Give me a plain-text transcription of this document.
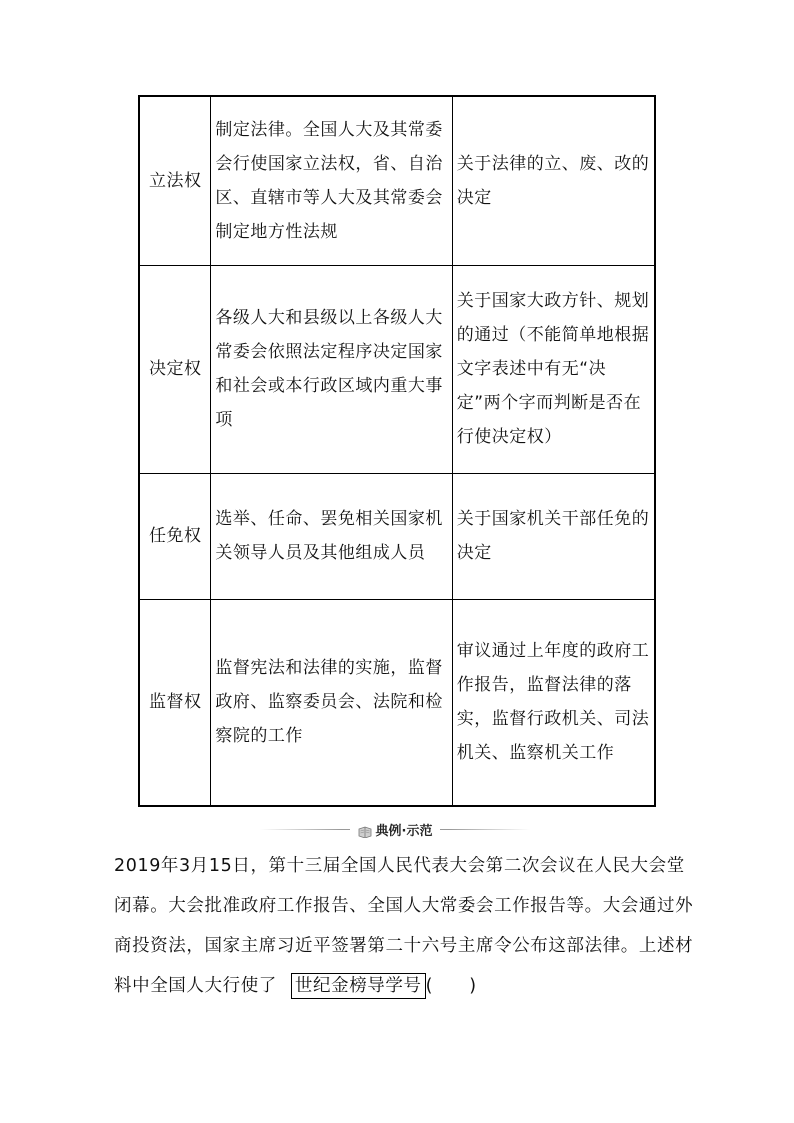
立法权	制定法律。全国人大及其常委会行使国家立法权，省、自治区、直辖市等人大及其常委会制定地方性法规	关于法律的立、废、改的决定
决定权	各级人大和县级以上各级人大常委会依照法定程序决定国家和社会或本行政区域内重大事项	关于国家大政方针、规划的通过（不能简单地根据文字表述中有无“决定”两个字而判断是否在行使决定权）
任免权	选举、任命、罢免相关国家机关领导人员及其他组成人员	关于国家机关干部任免的决定
监督权	监督宪法和法律的实施，监督政府、监察委员会、法院和检察院的工作	审议通过上年度的政府工作报告，监督法律的落实，监督行政机关、司法机关、监察机关工作
典例·示范

2019年3月15日，第十三届全国人民代表大会第二次会议在人民大会堂闭幕。大会批准政府工作报告、全国人大常委会工作报告等。大会通过外商投资法，国家主席习近平签署第二十六号主席令公布这部法律。上述材料中全国人大行使了 世纪金榜导学号 (　　)
